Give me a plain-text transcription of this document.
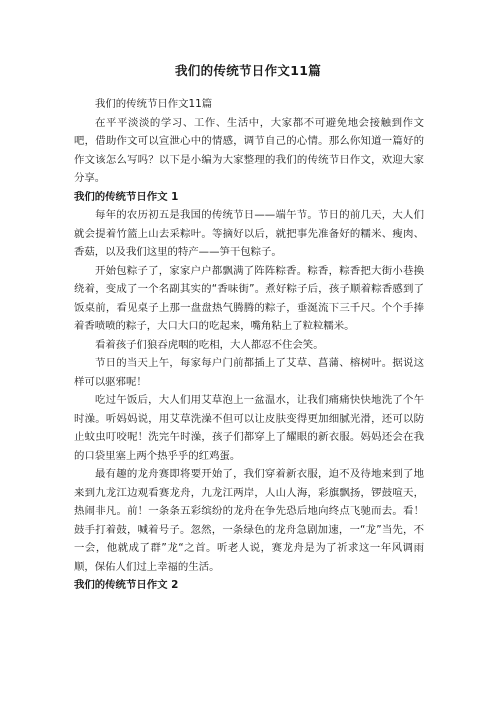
我们的传统节日作文11篇

我们的传统节日作文11篇

在平平淡淡的学习、工作、生活中，大家都不可避免地会接触到作文吧，借助作文可以宣泄心中的情感，调节自己的心情。那么你知道一篇好的作文该怎么写吗？以下是小编为大家整理的我们的传统节日作文，欢迎大家分享。

我们的传统节日作文 1

每年的农历初五是我国的传统节日——端午节。节日的前几天，大人们就会提着竹篮上山去采粽叶。等摘好以后，就把事先准备好的糯米、瘦肉、香菇，以及我们这里的特产——笋干包粽子。

开始包粽子了，家家户户都飘满了阵阵粽香。粽香，粽香把大街小巷换绕着，变成了一个名副其实的“香味街”。煮好粽子后，孩子顺着粽香感到了饭桌前，看见桌子上那一盘盘热气腾腾的粽子，垂涎流下三千尺。个个手捧着香喷喷的粽子，大口大口的吃起来，嘴角粘上了粒粒糯米。

看着孩子们狼吞虎咽的吃相，大人都忍不住会笑。

节日的当天上午，每家每户门前都插上了艾草、菖蒲、榕树叶。据说这样可以驱邪呢！

吃过午饭后，大人们用艾草泡上一盆温水，让我们痛痛快快地洗了个午时澡。听妈妈说，用艾草洗澡不但可以让皮肤变得更加细腻光滑，还可以防止蚊虫叮咬呢！洗完午时澡，孩子们都穿上了耀眼的新衣服。妈妈还会在我的口袋里塞上两个热乎乎的红鸡蛋。

最有趣的龙舟赛即将要开始了，我们穿着新衣服，迫不及待地来到了地来到九龙江边观看赛龙舟，九龙江两岸，人山人海，彩旗飘扬，锣鼓喧天，热闹非凡。前！一条条五彩缤纷的龙舟在争先恐后地向终点飞驰而去。看！鼓手打着鼓，喊着号子。忽然，一条绿色的龙舟急剧加速，一“龙”当先，不一会，他就成了群”龙“之首。听老人说，赛龙舟是为了祈求这一年风调雨顺，保佑人们过上幸福的生活。

我们的传统节日作文 2
